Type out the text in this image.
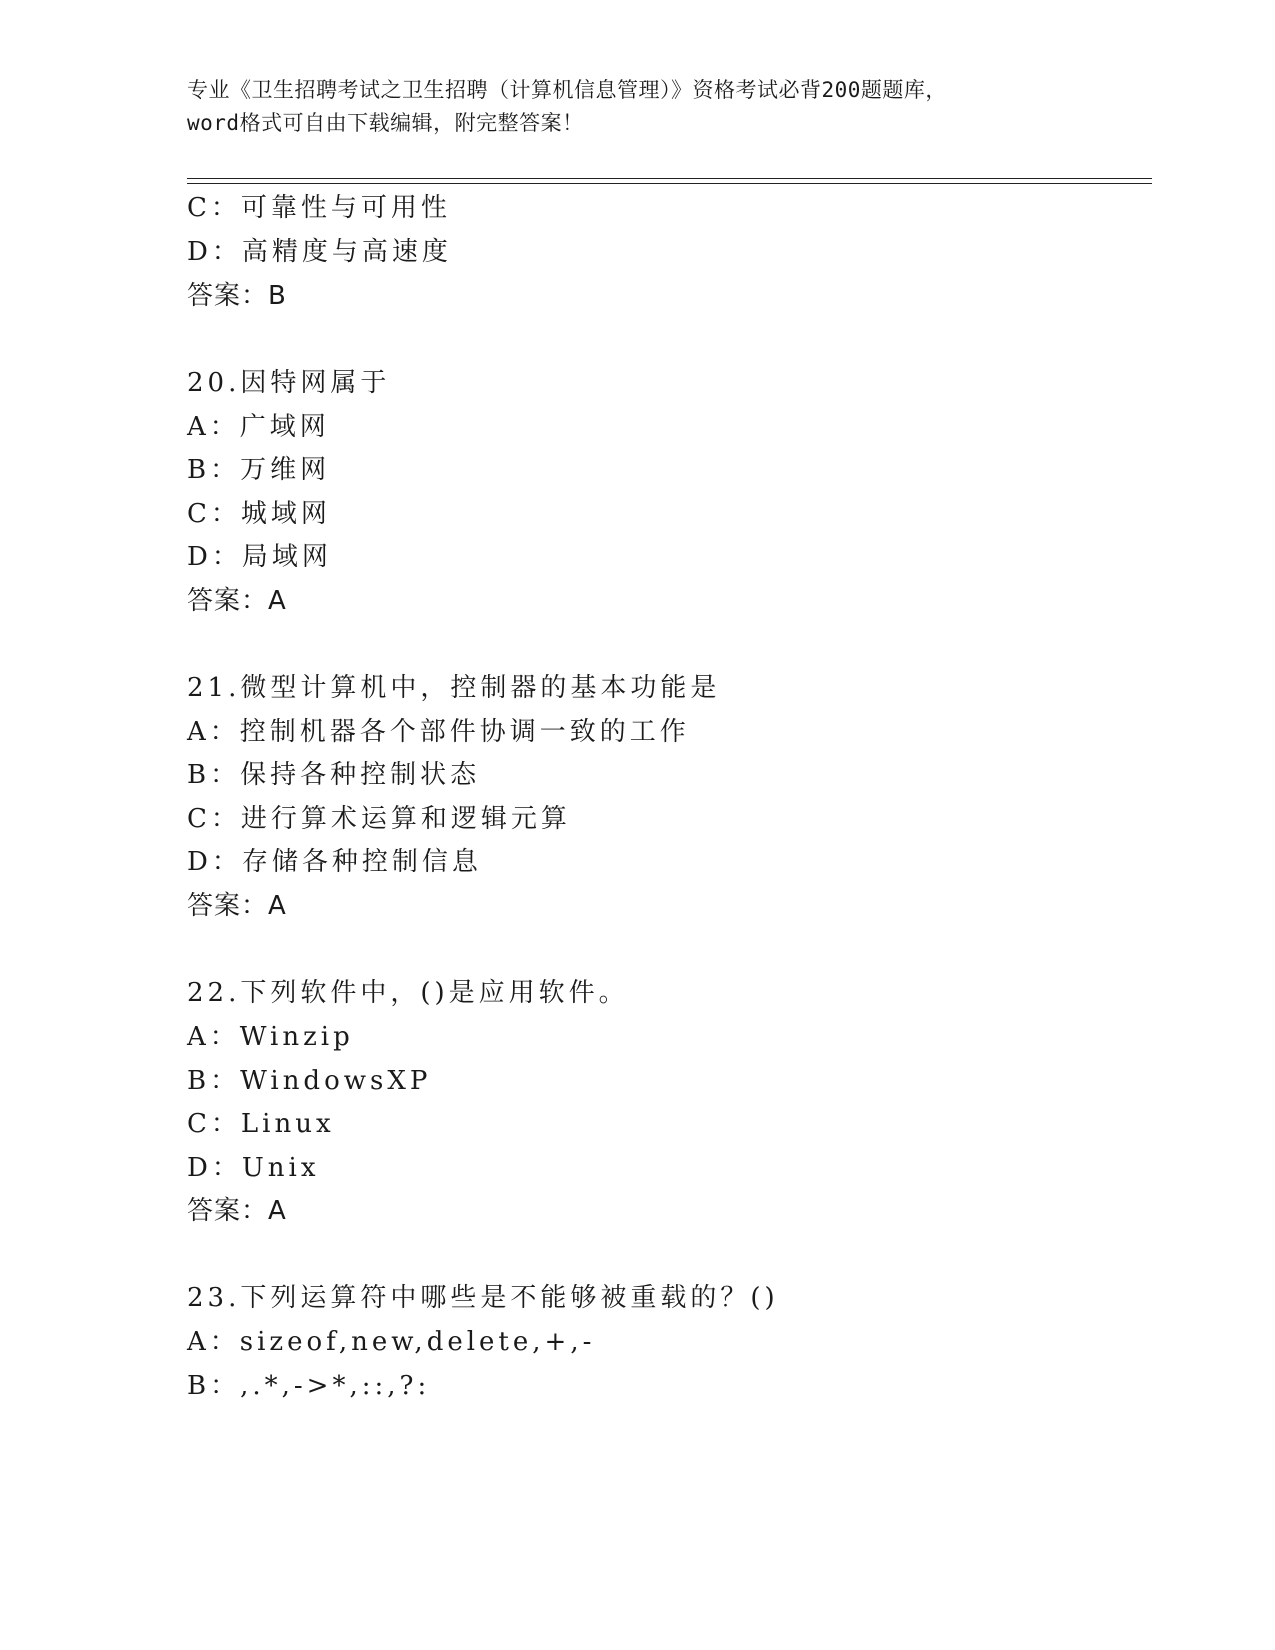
专业《卫生招聘考试之卫生招聘（计算机信息管理）》资格考试必背200题题库，
word格式可自由下载编辑，附完整答案！
C：可靠性与可用性
D：高精度与高速度
答案：B
20.因特网属于
A：广域网
B：万维网
C：城域网
D：局域网
答案：A
21.微型计算机中，控制器的基本功能是
A：控制机器各个部件协调一致的工作
B：保持各种控制状态
C：进行算术运算和逻辑元算
D：存储各种控制信息
答案：A
22.下列软件中，()是应用软件。
A：Winzip
B：WindowsXP
C：Linux
D：Unix
答案：A
23.下列运算符中哪些是不能够被重载的？()
A：sizeof,new,delete,+,-
B：,.*,->*,::,?:
